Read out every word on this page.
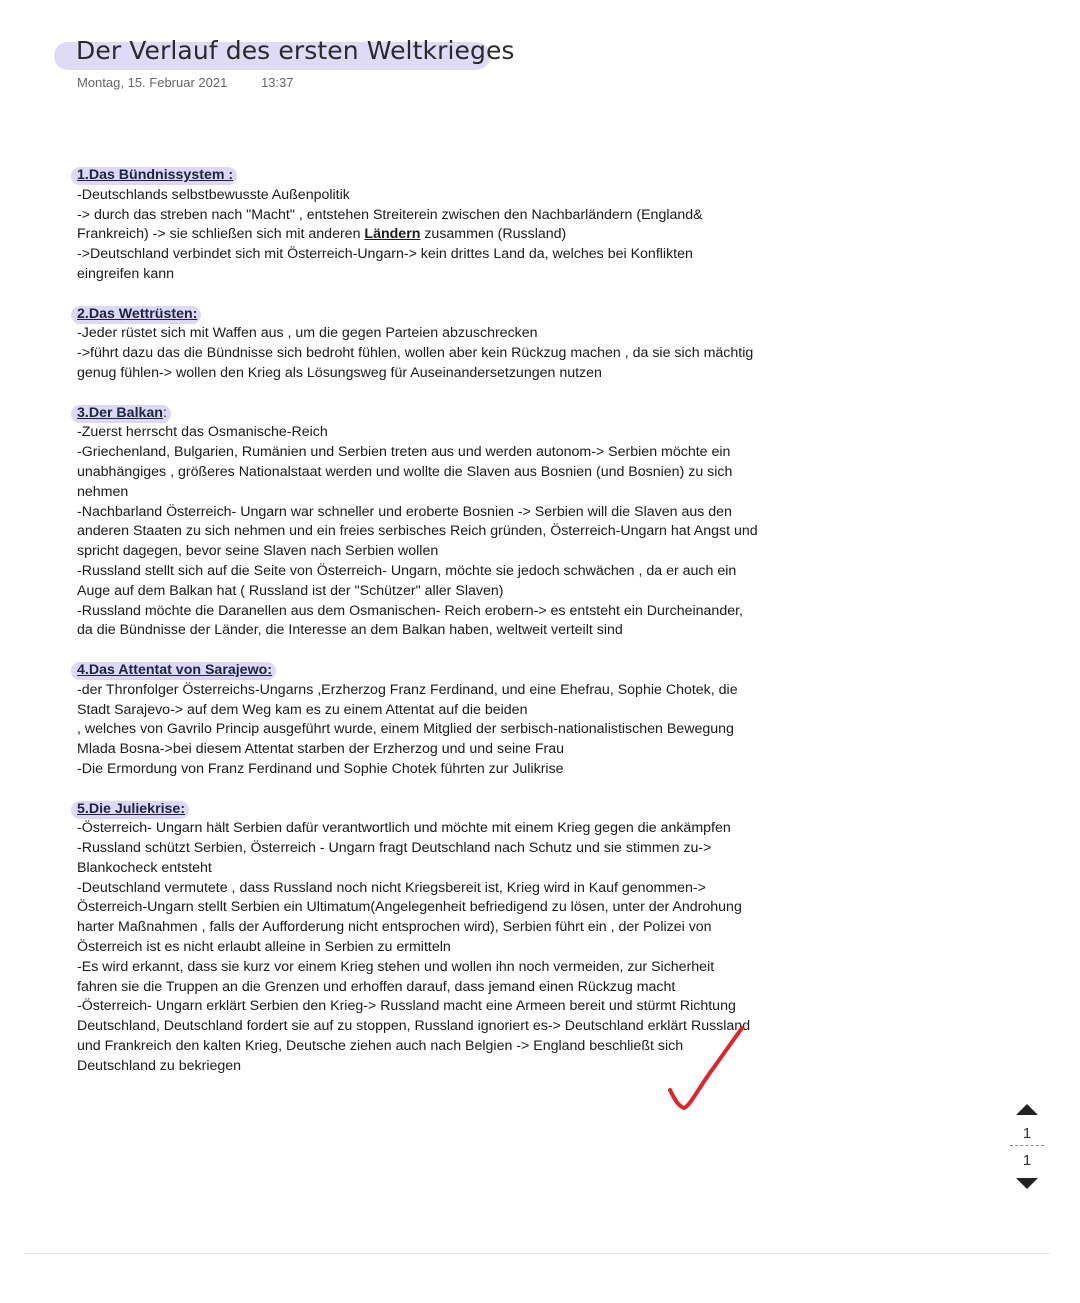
Der Verlauf des ersten Weltkrieges
Montag, 15. Februar 2021	13:37
1.Das Bündnissystem :

-Deutschlands selbstbewusste Außenpolitik

-> durch das streben nach "Macht" , entstehen Streiterein zwischen den Nachbarländern (England&

Frankreich) -> sie schließen sich mit anderen Ländern zusammen (Russland)

->Deutschland verbindet sich mit Österreich-Ungarn-> kein drittes Land da, welches bei Konflikten

eingreifen kann

2.Das Wettrüsten:

-Jeder rüstet sich mit Waffen aus , um die gegen Parteien abzuschrecken

->führt dazu das die Bündnisse sich bedroht fühlen, wollen aber kein Rückzug machen , da sie sich mächtig

genug fühlen-> wollen den Krieg als Lösungsweg für Auseinandersetzungen nutzen

3.Der Balkan:

-Zuerst herrscht das Osmanische-Reich

-Griechenland, Bulgarien, Rumänien und Serbien treten aus und werden autonom-> Serbien möchte ein

unabhängiges , größeres Nationalstaat werden und wollte die Slaven aus Bosnien (und Bosnien) zu sich

nehmen

-Nachbarland Österreich- Ungarn war schneller und eroberte Bosnien -> Serbien will die Slaven aus den

anderen Staaten zu sich nehmen und ein freies serbisches Reich gründen, Österreich-Ungarn hat Angst und

spricht dagegen, bevor seine Slaven nach Serbien wollen

-Russland stellt sich auf die Seite von Österreich- Ungarn, möchte sie jedoch schwächen , da er auch ein

Auge auf dem Balkan hat ( Russland ist der "Schützer" aller Slaven)

-Russland möchte die Daranellen aus dem Osmanischen- Reich erobern-> es entsteht ein Durcheinander,

da die Bündnisse der Länder, die Interesse an dem Balkan haben, weltweit verteilt sind

4.Das Attentat von Sarajewo:

-der Thronfolger Österreichs-Ungarns ,Erzherzog Franz Ferdinand, und eine Ehefrau, Sophie Chotek, die

Stadt Sarajevo-> auf dem Weg kam es zu einem Attentat auf die beiden

, welches von Gavrilo Princip ausgeführt wurde, einem Mitglied der serbisch-nationalistischen Bewegung

Mlada Bosna->bei diesem Attentat starben der Erzherzog und und seine Frau

-Die Ermordung von Franz Ferdinand und Sophie Chotek führten zur Julikrise

5.Die Juliekrise:

-Österreich- Ungarn hält Serbien dafür verantwortlich und möchte mit einem Krieg gegen die ankämpfen

-Russland schützt Serbien, Österreich - Ungarn fragt Deutschland nach Schutz und sie stimmen zu->

Blankocheck entsteht

-Deutschland vermutete , dass Russland noch nicht Kriegsbereit ist, Krieg wird in Kauf genommen->

Österreich-Ungarn stellt Serbien ein Ultimatum(Angelegenheit befriedigend zu lösen, unter der Androhung

harter Maßnahmen , falls der Aufforderung nicht entsprochen wird), Serbien führt ein , der Polizei von

Österreich ist es nicht erlaubt alleine in Serbien zu ermitteln

-Es wird erkannt, dass sie kurz vor einem Krieg stehen und wollen ihn noch vermeiden, zur Sicherheit

fahren sie die Truppen an die Grenzen und erhoffen darauf, dass jemand einen Rückzug macht

-Österreich- Ungarn erklärt Serbien den Krieg-> Russland macht eine Armeen bereit und stürmt Richtung

Deutschland, Deutschland fordert sie auf zu stoppen, Russland ignoriert es-> Deutschland erklärt Russland

und Frankreich den kalten Krieg, Deutsche ziehen auch nach Belgien -> England beschließt sich

Deutschland zu bekriegen

1
1
